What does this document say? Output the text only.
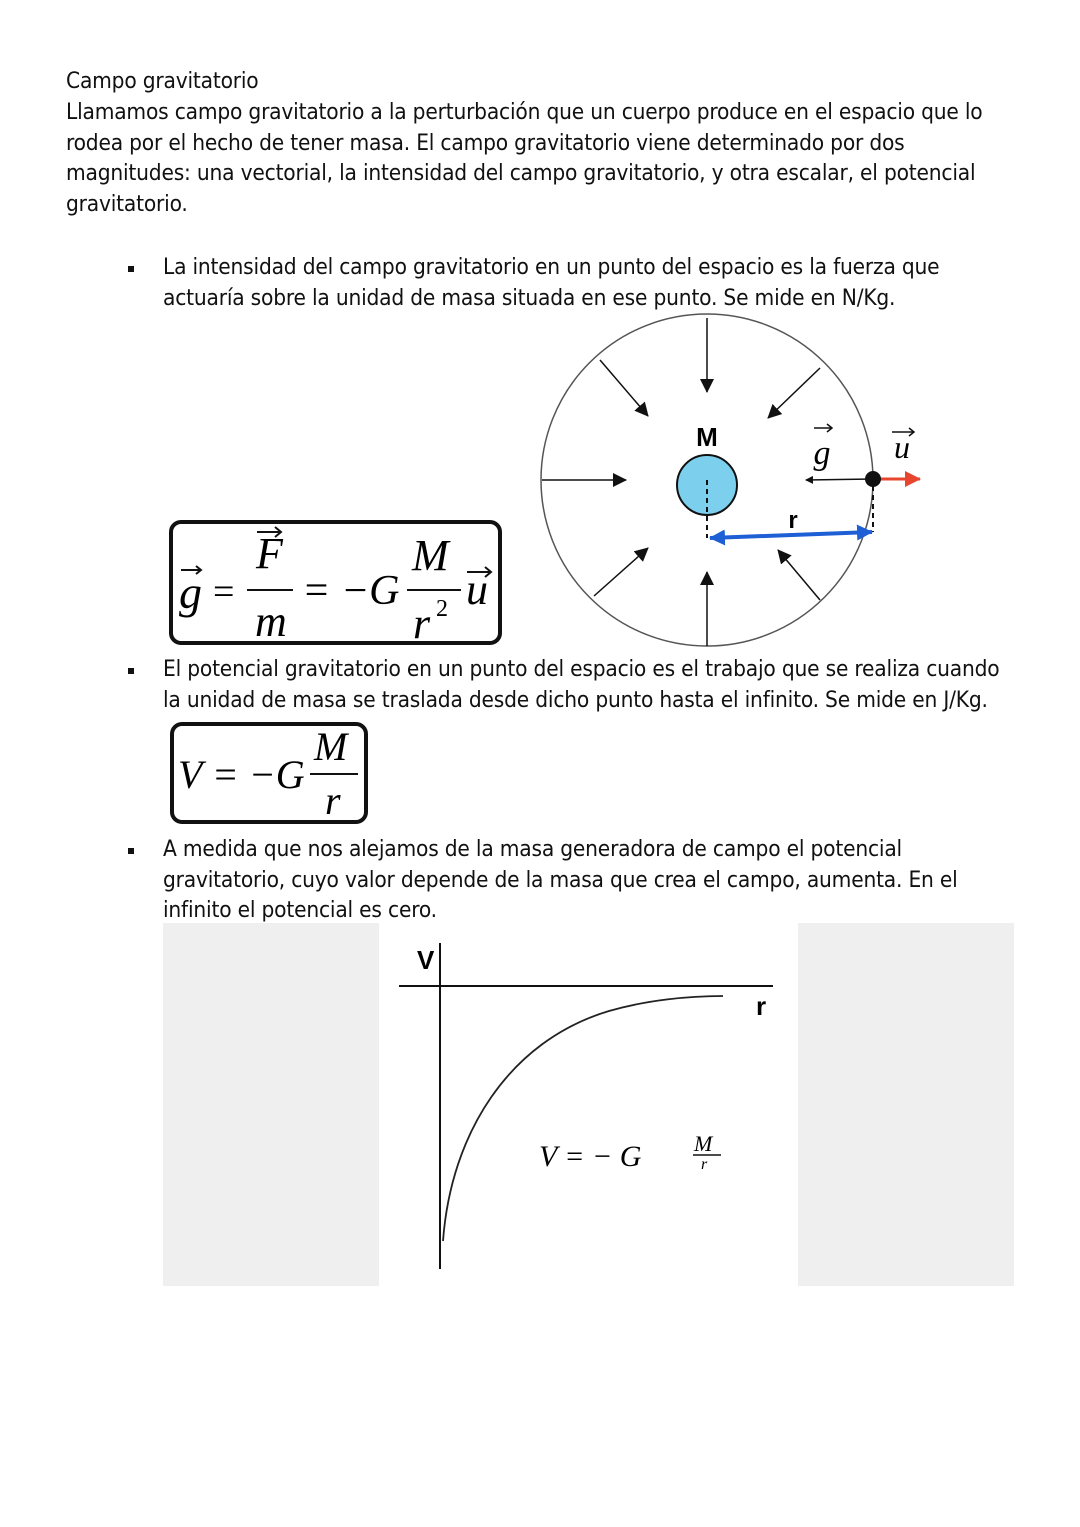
Campo gravitatorio
Llamamos campo gravitatorio a la perturbación que un cuerpo produce en el espacio que lo rodea por el hecho de tener masa. El campo gravitatorio viene determinado por dos magnitudes: una vectorial, la intensidad del campo gravitatorio, y otra escalar, el potencial gravitatorio.
La intensidad del campo gravitatorio en un punto del espacio es la fuerza que actuaría sobre la unidad de masa situada en ese punto. Se mide en N/Kg.
M
r
g u
g =
F
m
= −G
M
r 2 u
El potencial gravitatorio en un punto del espacio es el trabajo que se realiza cuando la unidad de masa se traslada desde dicho punto hasta el infinito. Se mide en J/Kg.
V = −G
M
r
A medida que nos alejamos de la masa generadora de campo el potencial gravitatorio, cuyo valor depende de la masa que crea el campo, aumenta. En el infinito el potencial es cero.
V
r
V = − G M
r
